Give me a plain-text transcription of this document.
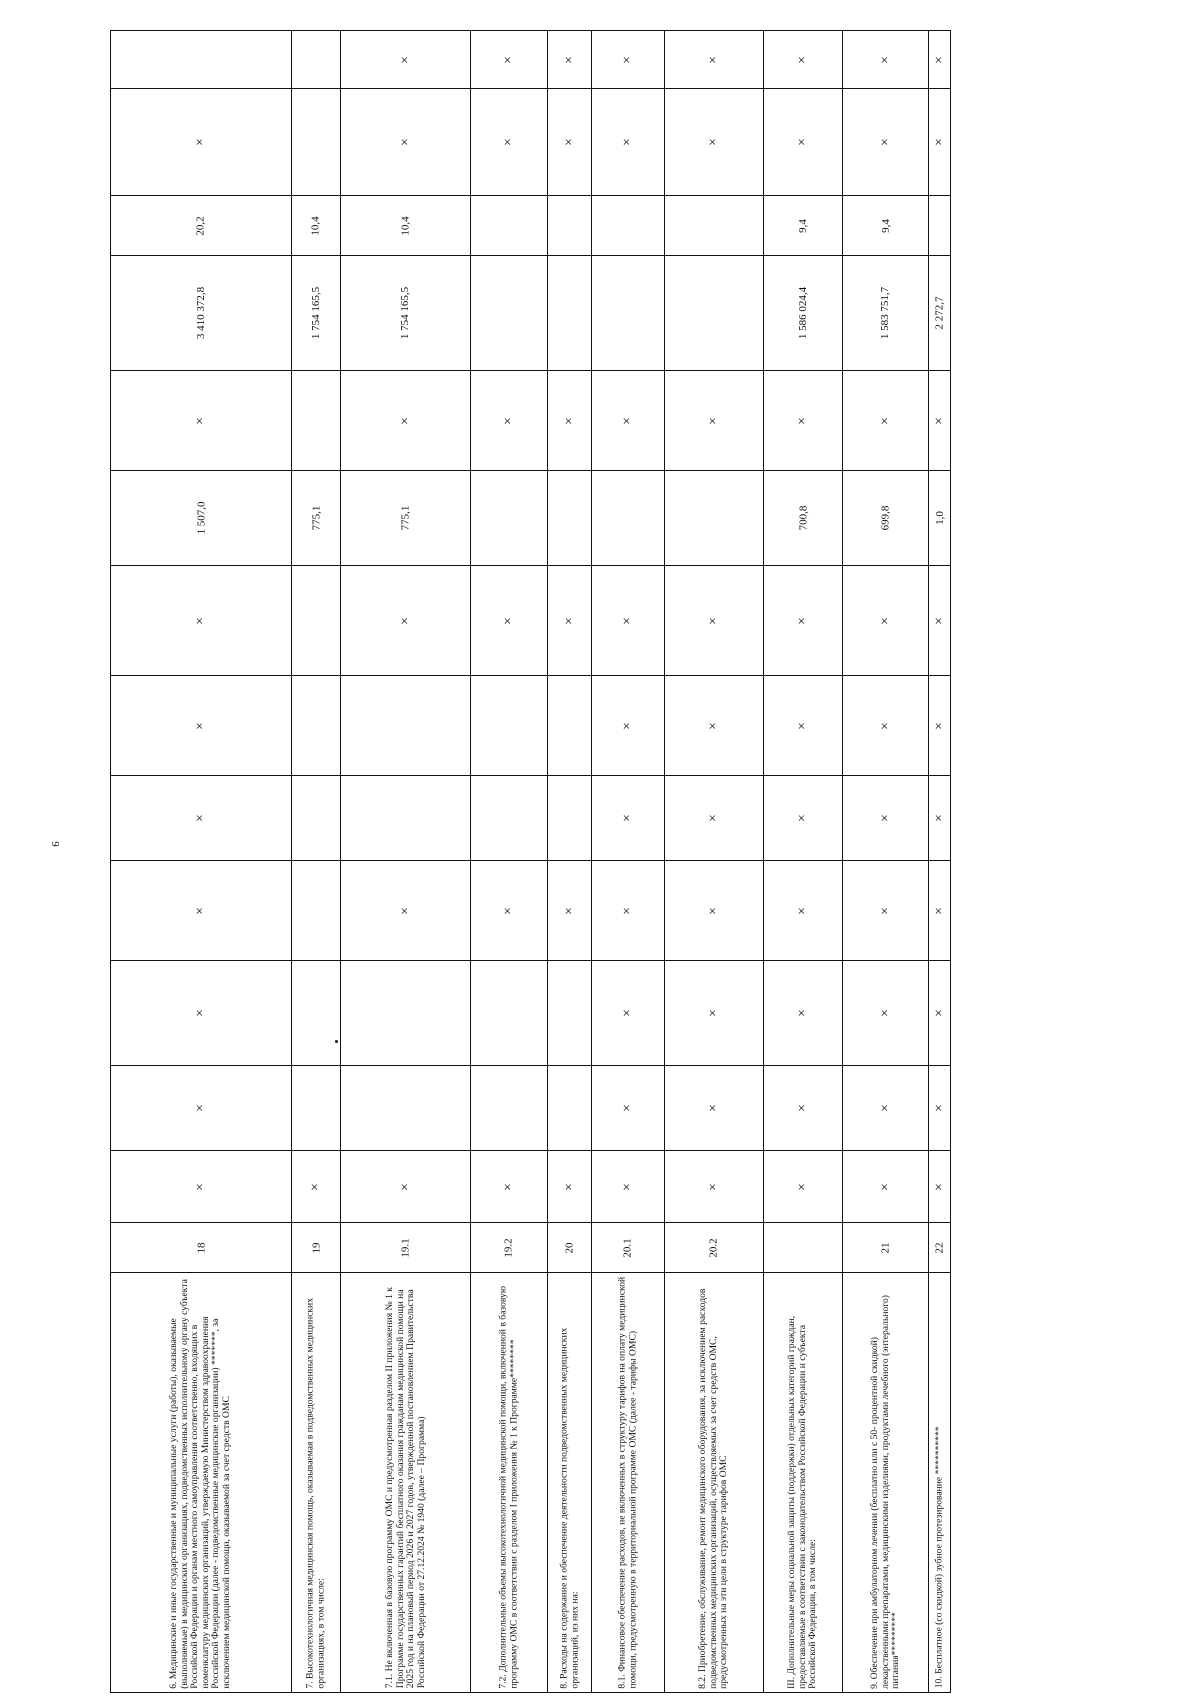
9
6. Медицинские и иные государственные и муниципальные услуги (работы), оказываемые (выполняемые) в медицинских организациях, подведомственных исполнительному органу субъекта Российской Федерации и органам местного самоуправления соответственно, входящих в номенклатуру медицинских организаций, утверждаемую Министерством здравоохранения Российской Федерации (далее - подведомственные медицинские организации) *******, за исключением медицинской помощи, оказываемой за счет средств ОМС
18
×
×
×
×
×
×
×
1 507,0
×
3 410 372,8
20,2
×
7. Высокотехнологичная медицинская помощь, оказываемая в подведомственных медицинских организациях, в том числе:
19
×
775,1
1 754 165,5
10,4
7.1. Не включенная в базовую программу ОМС и предусмотренная разделом II приложения № 1 к Программе государственных гарантий бесплатного оказания гражданам медицинской помощи на 2025 год и на плановый период 2026 и 2027 годов, утвержденной постановлением Правительства Российской Федерации от 27.12.2024 № 1940 (далее – Программа)
19.1
×
×
×
775,1
×
1 754 165,5
10,4
×
×
7.2. Дополнительные объемы высокотехнологичной медицинской помощи, включенной в базовую программу ОМС в соответствии с разделом I приложения № 1 к Программе********
19.2
×
×
×
×
×
×
8. Расходы на содержание и обеспечение деятельности подведомственных медицинских организаций, из них на:
20
×
×
×
×
×
×
8.1. Финансовое обеспечение расходов, не включенных в структуру тарифов на оплату медицинской помощи, предусмотренную в территориальной программе ОМС (далее - тарифы ОМС)
20.1
×
×
×
×
×
×
×
×
×
×
8.2. Приобретение, обслуживание, ремонт медицинского оборудования, за исключением расходов подведомственных медицинских организаций, осуществляемых за счет средств ОМС, предусмотренных на эти цели в структуре тарифов ОМС
20.2
×
×
×
×
×
×
×
×
×
×
III. Дополнительные меры социальной защиты (поддержки) отдельных категорий граждан, предоставляемые в соответствии с законодательством Российской Федерации и субъекта Российской Федерации, в том числе:
×
×
×
×
×
×
×
700,8
×
1 586 024,4
9,4
×
×
9. Обеспечение при амбулаторном лечении (бесплатно или с 50- процентной скидкой) лекарственными препаратами, медицинскими изделиями, продуктами лечебного (энтерального) питания*********
21
×
×
×
×
×
×
×
699,8
×
1 583 751,7
9,4
×
×
10. Бесплатное (со скидкой) зубное протезирование **********
22
×
×
×
×
×
×
×
1,0
×
2 272,7
×
×
